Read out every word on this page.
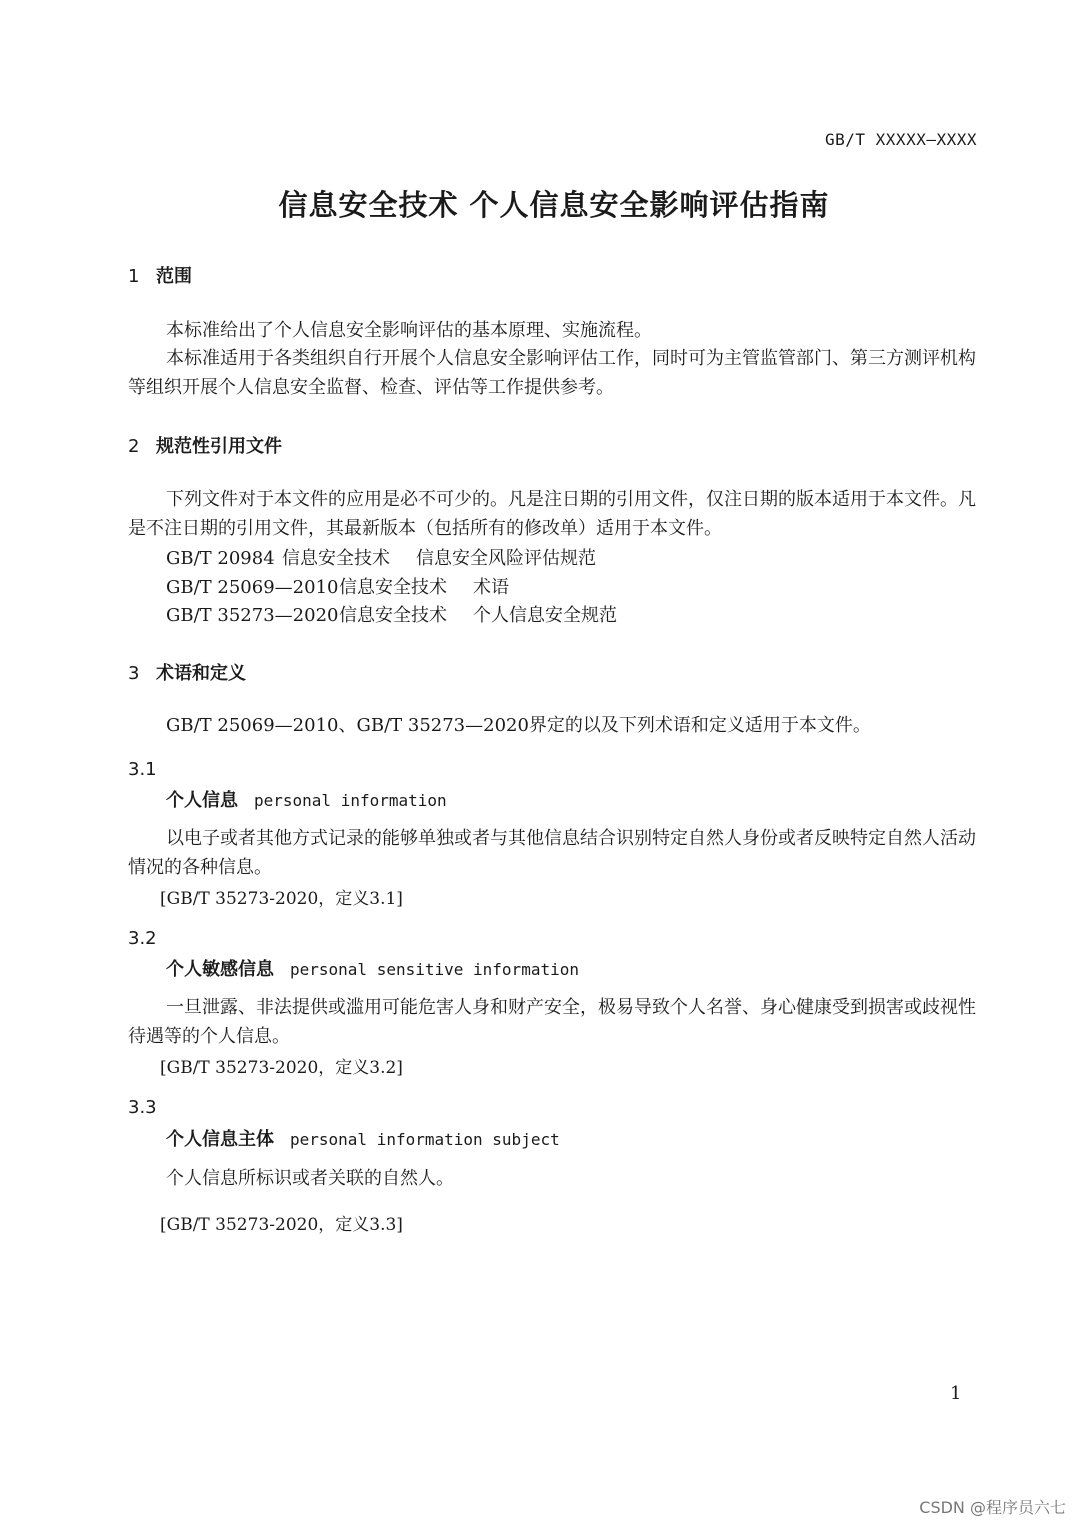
GB/T XXXXX—XXXX
信息安全技术 个人信息安全影响评估指南
1 范围
本标准给出了个人信息安全影响评估的基本原理、实施流程。
本标准适用于各类组织自行开展个人信息安全影响评估工作，同时可为主管监管部门、第三方测评机构等组织开展个人信息安全监督、检查、评估等工作提供参考。
2 规范性引用文件
下列文件对于本文件的应用是必不可少的。凡是注日期的引用文件，仅注日期的版本适用于本文件。凡是不注日期的引用文件，其最新版本（包括所有的修改单）适用于本文件。
GB/T 20984 信息安全技术 信息安全风险评估规范
GB/T 25069—2010信息安全技术 术语
GB/T 35273—2020信息安全技术 个人信息安全规范
3 术语和定义
GB/T 25069—2010、GB/T 35273—2020界定的以及下列术语和定义适用于本文件。
3.1
个人信息 personal information
以电子或者其他方式记录的能够单独或者与其他信息结合识别特定自然人身份或者反映特定自然人活动情况的各种信息。
[GB/T 35273-2020，定义3.1]
3.2
个人敏感信息 personal sensitive information
一旦泄露、非法提供或滥用可能危害人身和财产安全，极易导致个人名誉、身心健康受到损害或歧视性待遇等的个人信息。
[GB/T 35273-2020，定义3.2]
3.3
个人信息主体 personal information subject
个人信息所标识或者关联的自然人。
[GB/T 35273-2020，定义3.3]
1
CSDN @程序员六七
